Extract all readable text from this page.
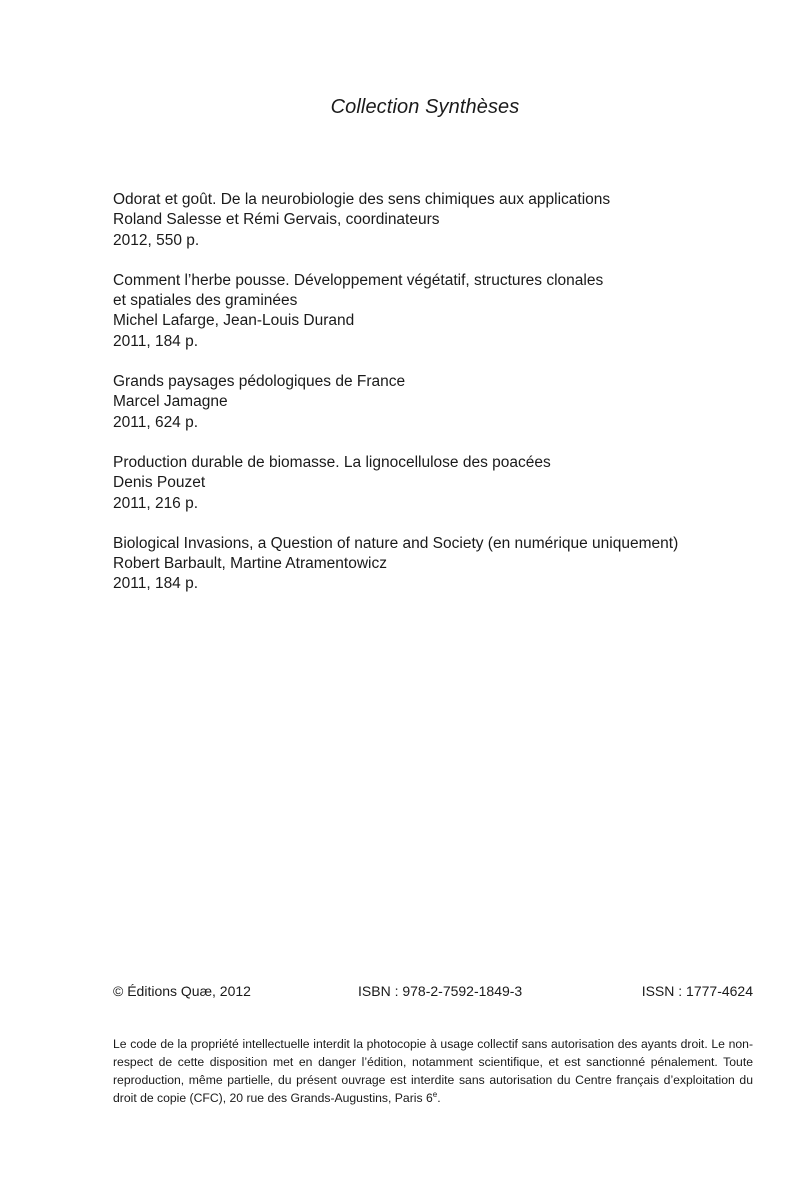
Collection Synthèses
Odorat et goût. De la neurobiologie des sens chimiques aux applications
Roland Salesse et Rémi Gervais, coordinateurs
2012, 550 p.
Comment l’herbe pousse. Développement végétatif, structures clonales
et spatiales des graminées
Michel Lafarge, Jean-Louis Durand
2011, 184 p.
Grands paysages pédologiques de France
Marcel Jamagne
2011, 624 p.
Production durable de biomasse. La lignocellulose des poacées
Denis Pouzet
2011, 216 p.
Biological Invasions, a Question of nature and Society (en numérique uniquement)
Robert Barbault, Martine Atramentowicz
2011, 184 p.
© Éditions Quæ, 2012	ISBN : 978-2-7592-1849-3	ISSN : 1777-4624
Le code de la propriété intellectuelle interdit la photocopie à usage collectif sans autorisation des ayants droit. Le non-respect de cette disposition met en danger l’édition, notamment scientifique, et est sanctionné pénalement. Toute reproduction, même partielle, du présent ouvrage est interdite sans autorisation du Centre français d’exploitation du droit de copie (CFC), 20 rue des Grands-Augustins, Paris 6e.
